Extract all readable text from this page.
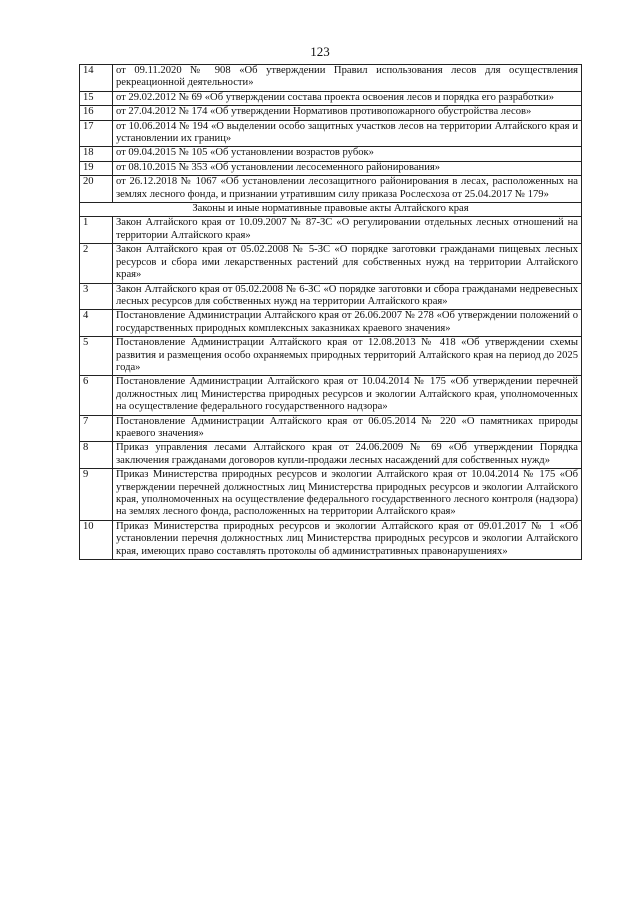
123
14	от 09.11.2020 № 908 «Об утверждении Правил использования лесов для осуществления рекреационной деятельности»
15	от 29.02.2012 № 69 «Об утверждении состава проекта освоения лесов и порядка его разработки»
16	от 27.04.2012 № 174 «Об утверждении Нормативов противопожарного обустройства лесов»
17	от 10.06.2014 № 194 «О выделении особо защитных участков лесов на территории Алтайского края и установлении их границ»
18	от 09.04.2015 № 105 «Об установлении возрастов рубок»
19	от 08.10.2015 № 353 «Об установлении лесосеменного районирования»
20	от 26.12.2018 № 1067 «Об установлении лесозащитного районирования в лесах, расположенных на землях лесного фонда, и признании утратившим силу приказа Рослесхоза от 25.04.2017 № 179»
Законы и иные нормативные правовые акты Алтайского края	
1	Закон Алтайского края от 10.09.2007 № 87-ЗС «О регулировании отдельных лесных отношений на территории Алтайского края»
2	Закон Алтайского края от 05.02.2008 № 5-ЗС «О порядке заготовки гражданами пищевых лесных ресурсов и сбора ими лекарственных растений для собственных нужд на территории Алтайского края»
3	Закон Алтайского края от 05.02.2008 № 6-ЗС «О порядке заготовки и сбора гражданами недревесных лесных ресурсов для собственных нужд на территории Алтайского края»
4	Постановление Администрации Алтайского края от 26.06.2007 № 278 «Об утверждении положений о государственных природных комплексных заказниках краевого значения»
5	Постановление Администрации Алтайского края от 12.08.2013 № 418 «Об утверждении схемы развития и размещения особо охраняемых природных территорий Алтайского края на период до 2025 года»
6	Постановление Администрации Алтайского края от 10.04.2014 № 175 «Об утверждении перечней должностных лиц Министерства природных ресурсов и экологии Алтайского края, уполномоченных на осуществление федерального государственного надзора»
7	Постановление Администрации Алтайского края от 06.05.2014 № 220 «О памятниках природы краевого значения»
8	Приказ управления лесами Алтайского края от 24.06.2009 № 69 «Об утверждении Порядка заключения гражданами договоров купли-продажи лесных насаждений для собственных нужд»
9	Приказ Министерства природных ресурсов и экологии Алтайского края от 10.04.2014 № 175 «Об утверждении перечней должностных лиц Министерства природных ресурсов и экологии Алтайского края, уполномоченных на осуществление федерального государственного лесного контроля (надзора) на землях лесного фонда, расположенных на территории Алтайского края»
10	Приказ Министерства природных ресурсов и экологии Алтайского края от 09.01.2017 № 1 «Об установлении перечня должностных лиц Министерства природных ресурсов и экологии Алтайского края, имеющих право составлять протоколы об административных правонарушениях»
